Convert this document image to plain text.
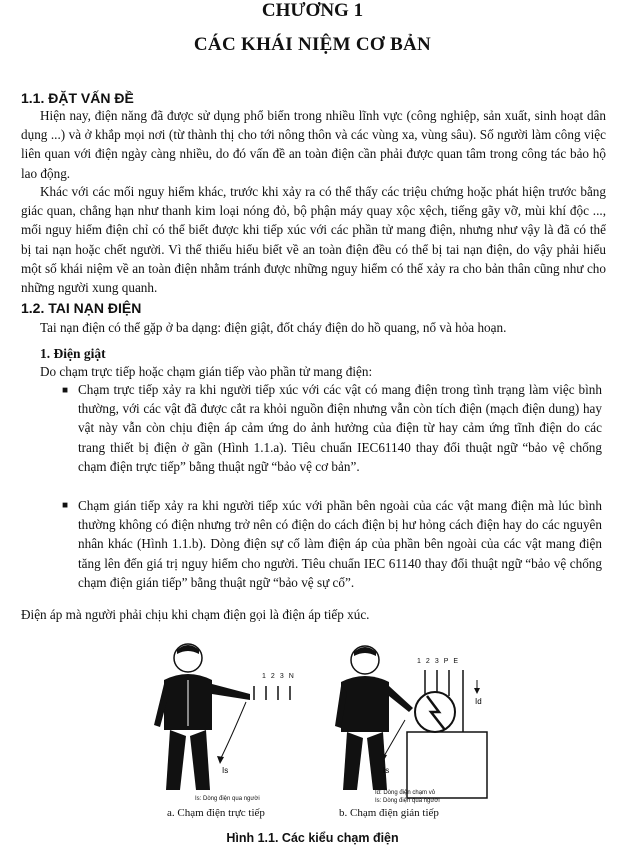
CHƯƠNG 1
CÁC KHÁI NIỆM CƠ BẢN
1.1. ĐẶT VẤN ĐỀ
Hiện nay, điện năng đã được sử dụng phổ biến trong nhiều lĩnh vực (công nghiệp, sản xuất, sinh hoạt dân dụng ...) và ở khắp mọi nơi (từ thành thị cho tới nông thôn và các vùng xa, vùng sâu). Số người làm công việc liên quan với điện ngày càng nhiều, do đó vấn đề an toàn điện cần phải được quan tâm trong công tác bảo hộ lao động.
Khác với các mối nguy hiểm khác, trước khi xảy ra có thể thấy các triệu chứng hoặc phát hiện trước bằng giác quan, chẳng hạn như thanh kim loại nóng đỏ, bộ phận máy quay xộc xệch, tiếng gãy vỡ, mùi khí độc ..., mối nguy hiểm điện chỉ có thể biết được khi tiếp xúc với các phần tử mang điện, nhưng như vậy là đã có thể bị tai nạn hoặc chết người. Vì thế thiếu hiểu biết về an toàn điện đều có thể bị tai nạn điện, do vậy phải hiểu một số khái niệm về an toàn điện nhằm tránh được những nguy hiểm có thể xảy ra cho bản thân cũng như cho những người xung quanh.
1.2. TAI NẠN ĐIỆN
Tai nạn điện có thể gặp ở ba dạng: điện giật, đốt cháy điện do hồ quang, nổ và hỏa hoạn.
1. Điện giật
Do chạm trực tiếp hoặc chạm gián tiếp vào phần tử mang điện:
■ Chạm trực tiếp xảy ra khi người tiếp xúc với các vật có mang điện trong tình trạng làm việc bình thường, với các vật đã được cắt ra khỏi nguồn điện nhưng vẫn còn tích điện (mạch điện dung) hay vật này vẫn còn chịu điện áp cảm ứng do ảnh hưởng của điện từ hay cảm ứng tĩnh điện do các trang thiết bị điện ở gần (Hình 1.1.a). Tiêu chuẩn IEC61140 thay đổi thuật ngữ “bảo vệ chống chạm điện trực tiếp” bằng thuật ngữ “bảo vệ cơ bản”.
■ Chạm gián tiếp xảy ra khi người tiếp xúc với phần bên ngoài của các vật mang điện mà lúc bình thường không có điện nhưng trở nên có điện do cách điện bị hư hỏng cách điện hay do các nguyên nhân khác (Hình 1.1.b). Dòng điện sự cố làm điện áp của phần bên ngoài của các vật mang điện tăng lên đến giá trị nguy hiểm cho người. Tiêu chuẩn IEC 61140 thay đổi thuật ngữ “bảo vệ chống chạm điện gián tiếp” bằng thuật ngữ “bảo vệ sự cố”.
Điện áp mà người phải chịu khi chạm điện gọi là điện áp tiếp xúc.
Is
123N
Id
Is
123PE
Is: Dòng điện qua người
Id: Dòng điện chạm vỏ
Is: Dòng điện qua người
a. Chạm điện trực tiếp	b. Chạm điện gián tiếp
Hình 1.1. Các kiểu chạm điện
